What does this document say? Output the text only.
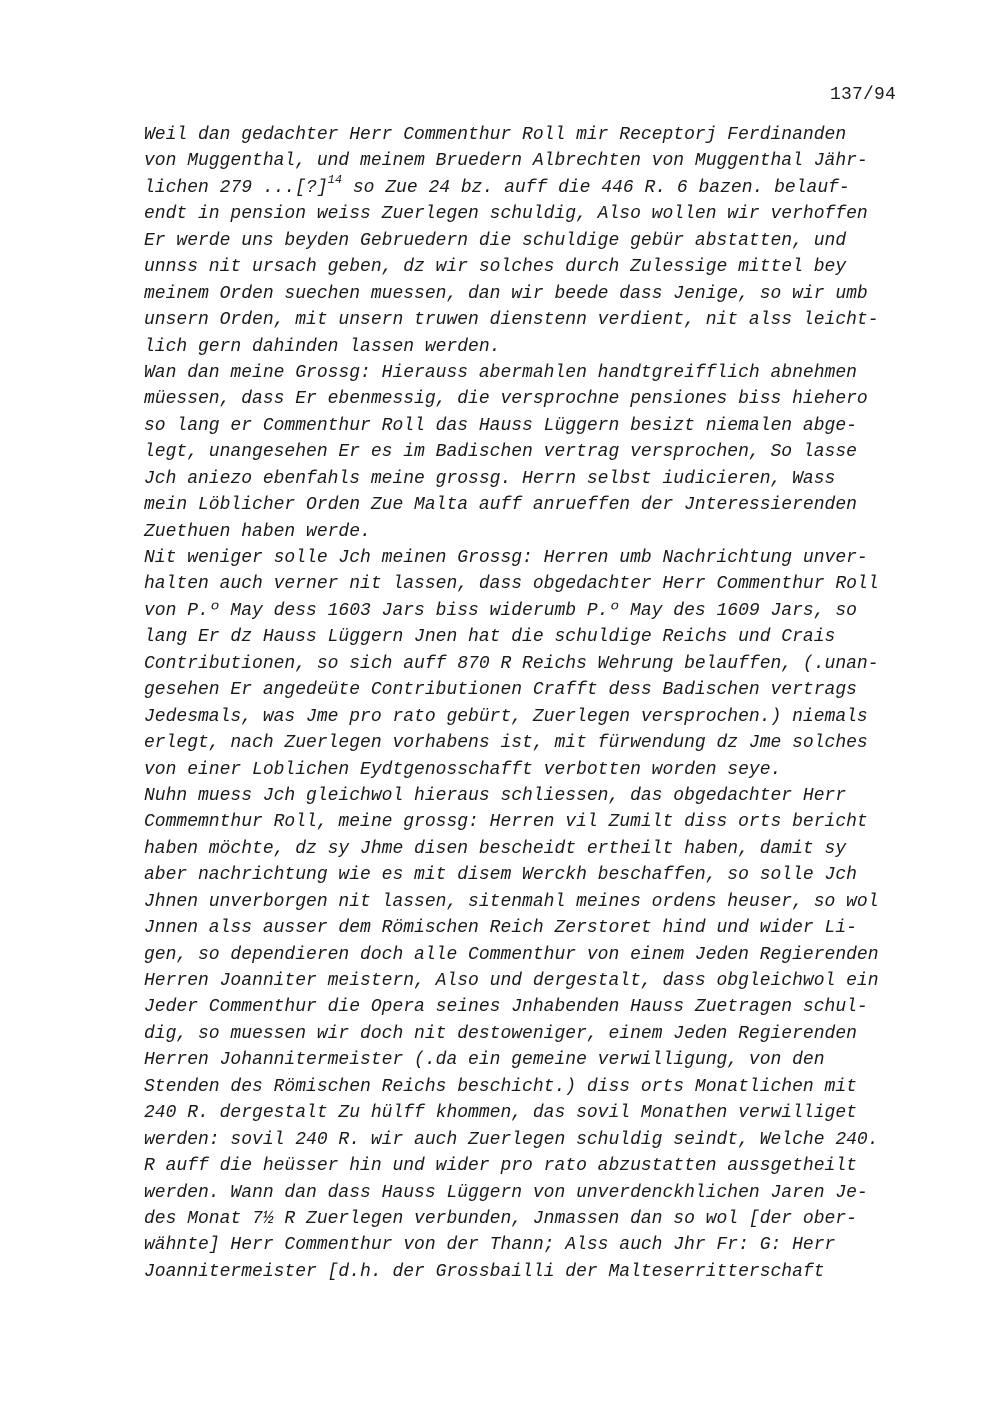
137/94
Weil dan gedachter Herr Commenthur Roll mir Receptorj Ferdinanden
von Muggenthal, und meinem Bruedern Albrechten von Muggenthal Jähr-
lichen 279 ...[?]$^{14}$ so Zue 24 bz. auff die 446 R. 6 bazen. belauf-
endt in pension weiss Zuerlegen schuldig, Also wollen wir verhoffen
Er werde uns beyden Gebruedern die schuldige gebür abstatten, und
unnss nit ursach geben, dz wir solches durch Zulessige mittel bey
meinem Orden suechen muessen, dan wir beede dass Jenige, so wir umb
unsern Orden, mit unsern truwen dienstenn verdient, nit alss leicht-
lich gern dahinden lassen werden.
Wan dan meine Grossg: Hierauss abermahlen handtgreifflich abnehmen
müessen, dass Er ebenmessig, die versprochne pensiones biss hiehero
so lang er Commenthur Roll das Hauss Lüggern besizt niemalen abge-
legt, unangesehen Er es im Badischen vertrag versprochen, So lasse
Jch aniezo ebenfahls meine grossg. Herrn selbst iudicieren, Wass
mein Löblicher Orden Zue Malta auff anrueffen der Jnteressierenden
Zuethuen haben werde.
Nit weniger solle Jch meinen Grossg: Herren umb Nachrichtung unver-
halten auch verner nit lassen, dass obgedachter Herr Commenthur Roll
von P.º May dess 1603 Jars biss widerumb P.º May des 1609 Jars, so
lang Er dz Hauss Lüggern Jnen hat die schuldige Reichs und Crais
Contributionen, so sich auff 870 R Reichs Wehrung belauffen, (.unan-
gesehen Er angedeüte Contributionen Crafft dess Badischen vertrags
Jedesmals, was Jme pro rato gebürt, Zuerlegen versprochen.) niemals
erlegt, nach Zuerlegen vorhabens ist, mit fürwendung dz Jme solches
von einer Loblichen Eydtgenosschafft verbotten worden seye.
Nuhn muess Jch gleichwol hieraus schliessen, das obgedachter Herr
Commemnthur Roll, meine grossg: Herren vil Zumilt diss orts bericht
haben möchte, dz sy Jhme disen bescheidt ertheilt haben, damit sy
aber nachrichtung wie es mit disem Werckh beschaffen, so solle Jch
Jhnen unverborgen nit lassen, sitenmahl meines ordens heuser, so wol
Jnnen alss ausser dem Römischen Reich Zerstoret hind und wider Li-
gen, so dependieren doch alle Commenthur von einem Jeden Regierenden
Herren Joanniter meistern, Also und dergestalt, dass obgleichwol ein
Jeder Commenthur die Opera seines Jnhabenden Hauss Zuetragen schul-
dig, so muessen wir doch nit destoweniger, einem Jeden Regierenden
Herren Johannitermeister (.da ein gemeine verwilligung, von den
Stenden des Römischen Reichs beschicht.) diss orts Monatlichen mit
240 R. dergestalt Zu hülff khommen, das sovil Monathen verwilliget
werden: sovil 240 R. wir auch Zuerlegen schuldig seindt, Welche 240.
R auff die heüsser hin und wider pro rato abzustatten aussgetheilt
werden. Wann dan dass Hauss Lüggern von unverdenckhlichen Jaren Je-
des Monat 7½ R Zuerlegen verbunden, Jnmassen dan so wol [der ober-
wähnte] Herr Commenthur von der Thann; Alss auch Jhr Fr: G: Herr
Joannitermeister [d.h. der Grossbailli der Malteserritterschaft
